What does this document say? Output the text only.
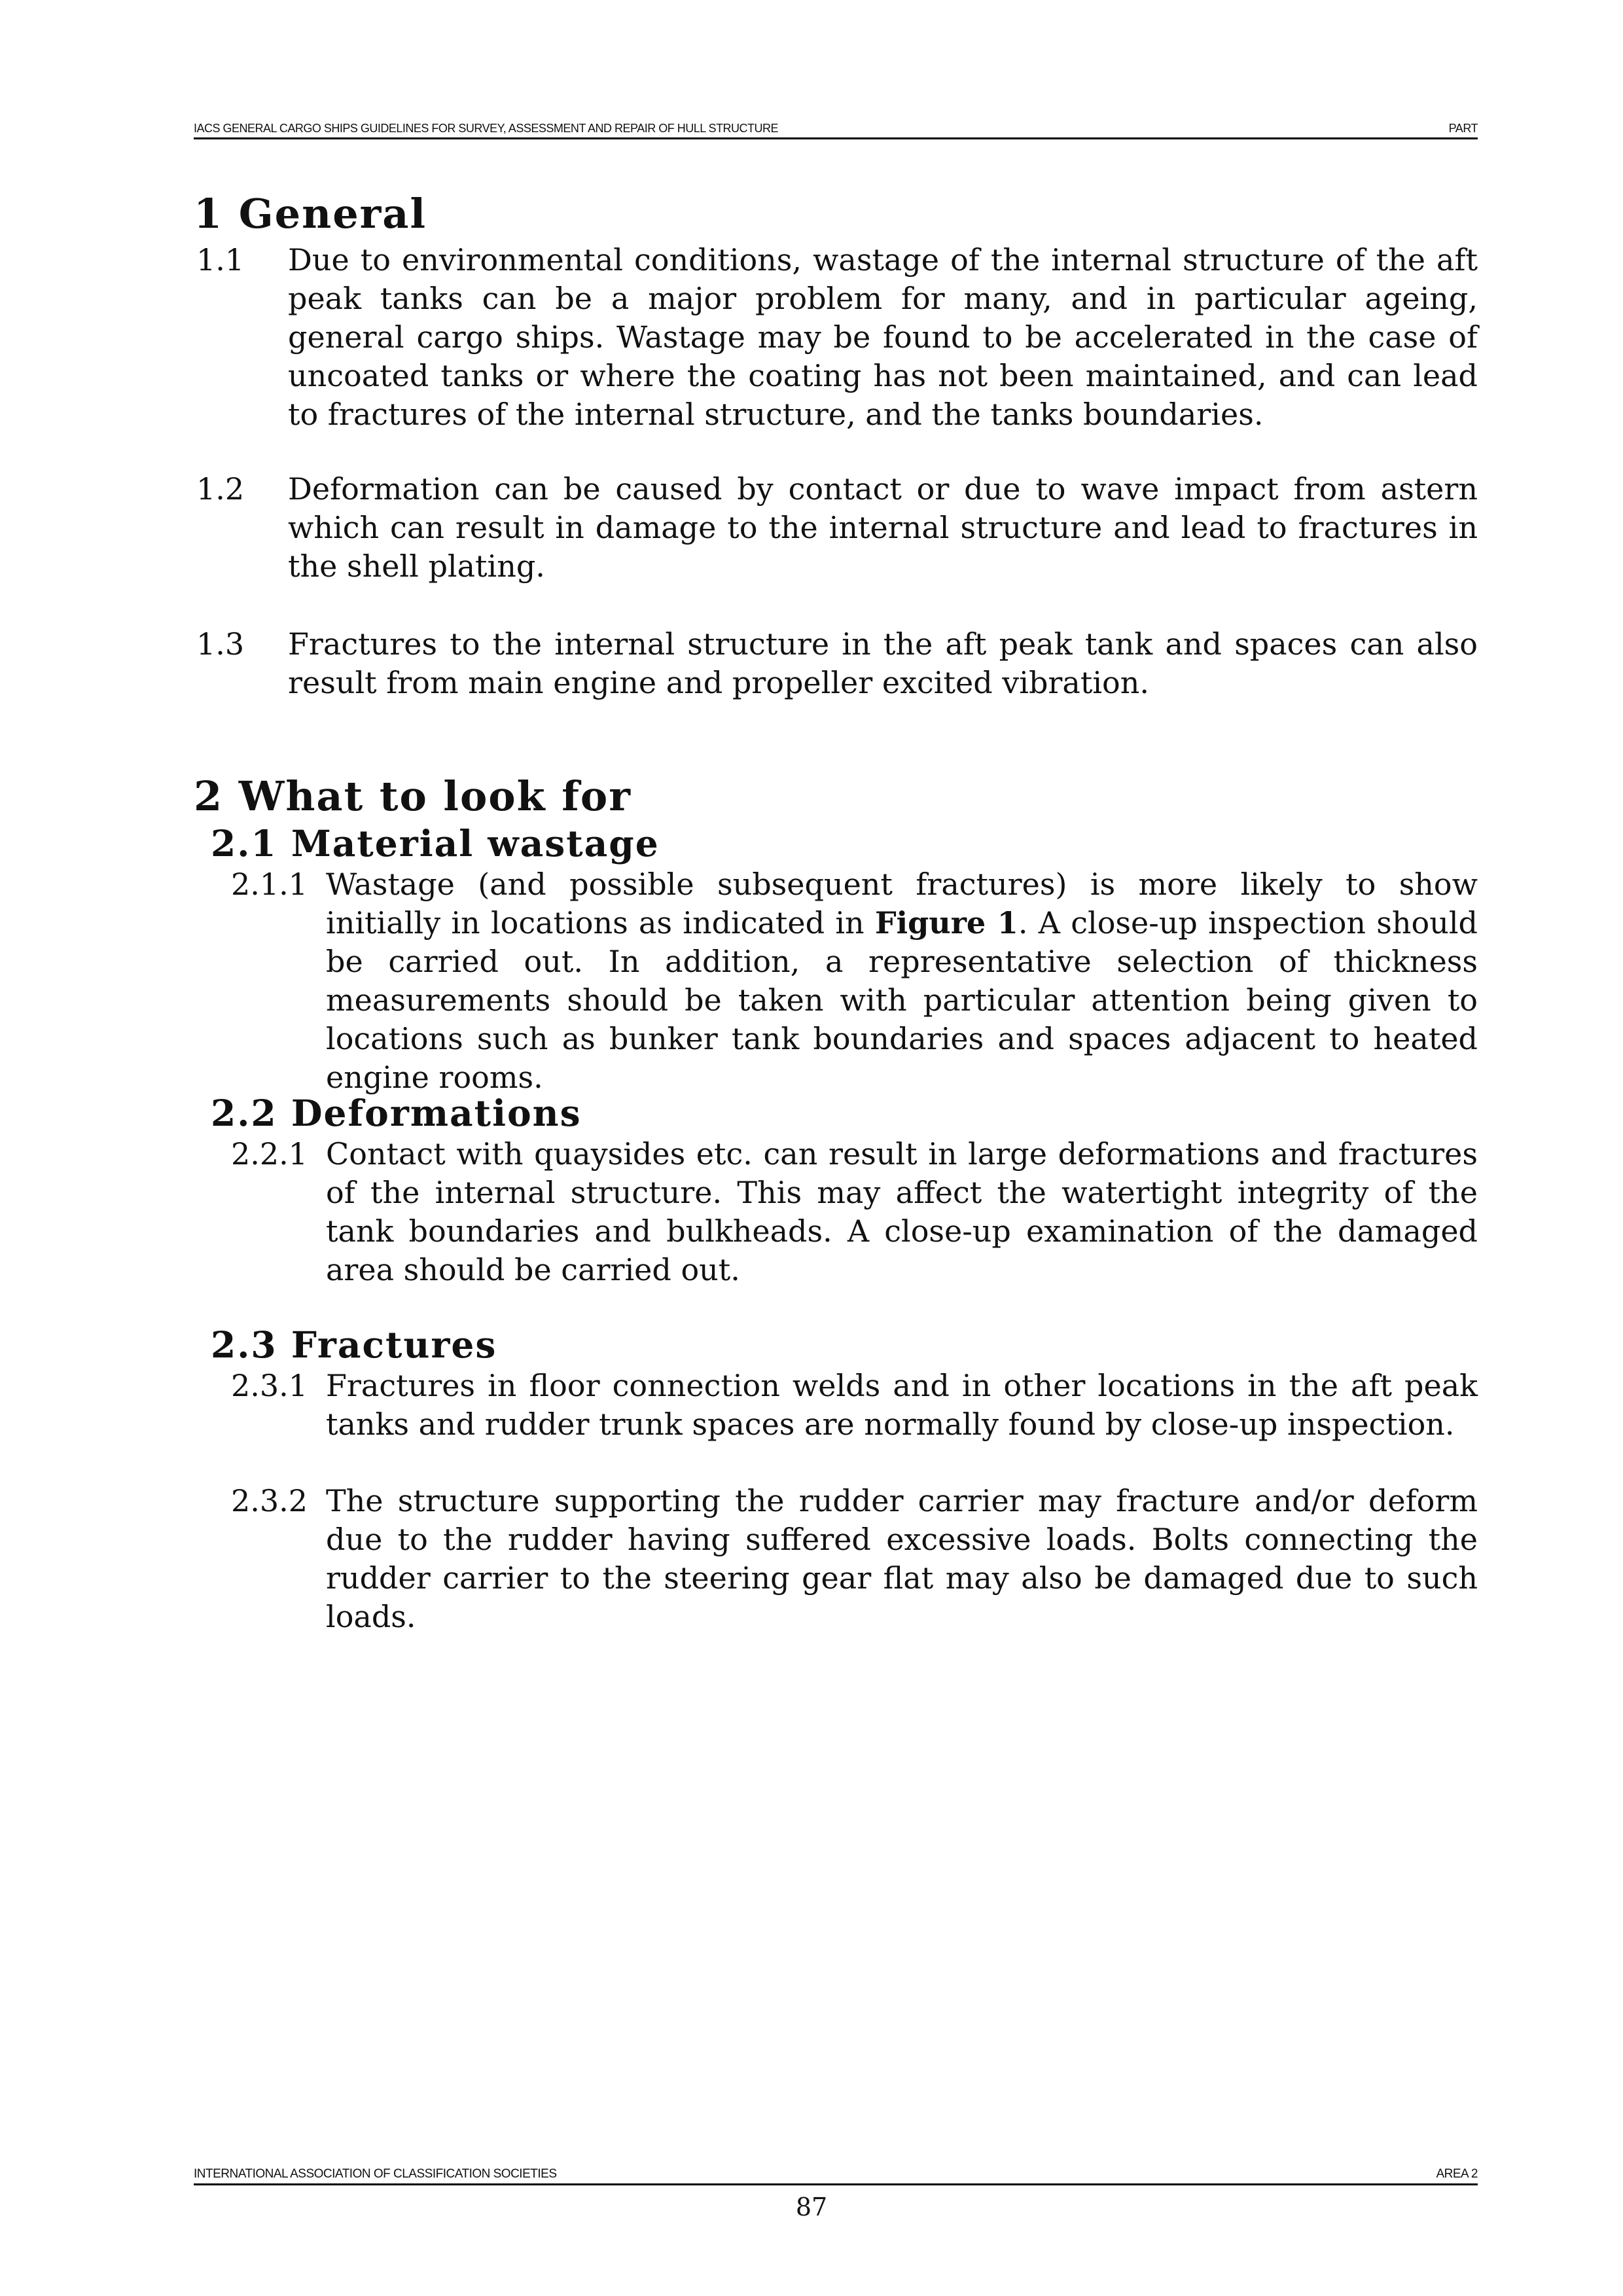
IACS GENERAL CARGO SHIPS GUIDELINES FOR SURVEY, ASSESSMENT AND REPAIR OF HULL STRUCTURE	PART
1 General
1.1 Due to environmental conditions, wastage of the internal structure of the aft peak tanks can be a major problem for many, and in particular ageing, general cargo ships. Wastage may be found to be accelerated in the case of uncoated tanks or where the coating has not been maintained, and can lead to fractures of the internal structure, and the tanks boundaries.
1.2 Deformation can be caused by contact or due to wave impact from astern which can result in damage to the internal structure and lead to fractures in the shell plating.
1.3 Fractures to the internal structure in the aft peak tank and spaces can also result from main engine and propeller excited vibration.
2 What to look for
2.1 Material wastage
2.1.1 Wastage (and possible subsequent fractures) is more likely to show initially in locations as indicated in Figure 1. A close-up inspection should be carried out. In addition, a representative selection of thickness measurements should be taken with particular attention being given to locations such as bunker tank boundaries and spaces adjacent to heated engine rooms.
2.2 Deformations
2.2.1 Contact with quaysides etc. can result in large deformations and fractures of the internal structure. This may affect the watertight integrity of the tank boundaries and bulkheads. A close-up examination of the damaged area should be carried out.
2.3 Fractures
2.3.1 Fractures in floor connection welds and in other locations in the aft peak tanks and rudder trunk spaces are normally found by close-up inspection.
2.3.2 The structure supporting the rudder carrier may fracture and/or deform due to the rudder having suffered excessive loads. Bolts connecting the rudder carrier to the steering gear flat may also be damaged due to such loads.
INTERNATIONAL ASSOCIATION OF CLASSIFICATION SOCIETIES	AREA 2
87
